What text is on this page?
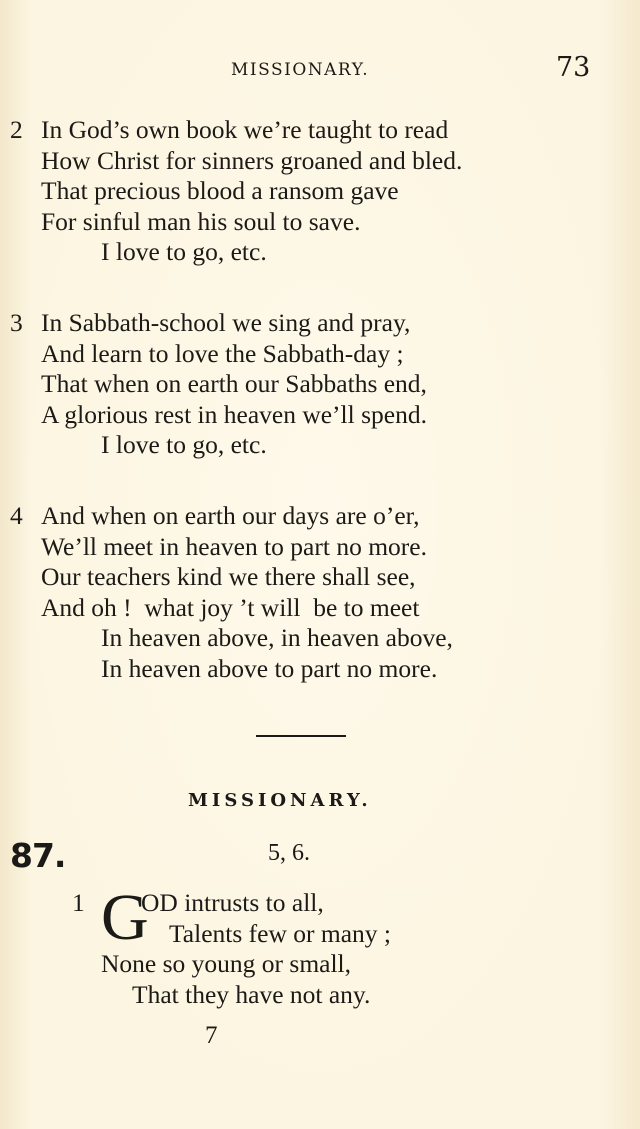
MISSIONARY.	73
2 In God’s own book we’re taught to read
How Christ for sinners groaned and bled.
That precious blood a ransom gave
For sinful man his soul to save.
I love to go, etc.
3 In Sabbath-school we sing and pray,
And learn to love the Sabbath-day ;
That when on earth our Sabbaths end,
A glorious rest in heaven we’ll spend.
I love to go, etc.
4 And when on earth our days are o’er,
We’ll meet in heaven to part no more.
Our teachers kind we there shall see,
And oh !  what joy ’t will  be to meet
In heaven above, in heaven above,
In heaven above to part no more.
MISSIONARY.
87.	5, 6.
G
1 OD intrusts to all,
Talents few or many ;
None so young or small,
That they have not any.
7
